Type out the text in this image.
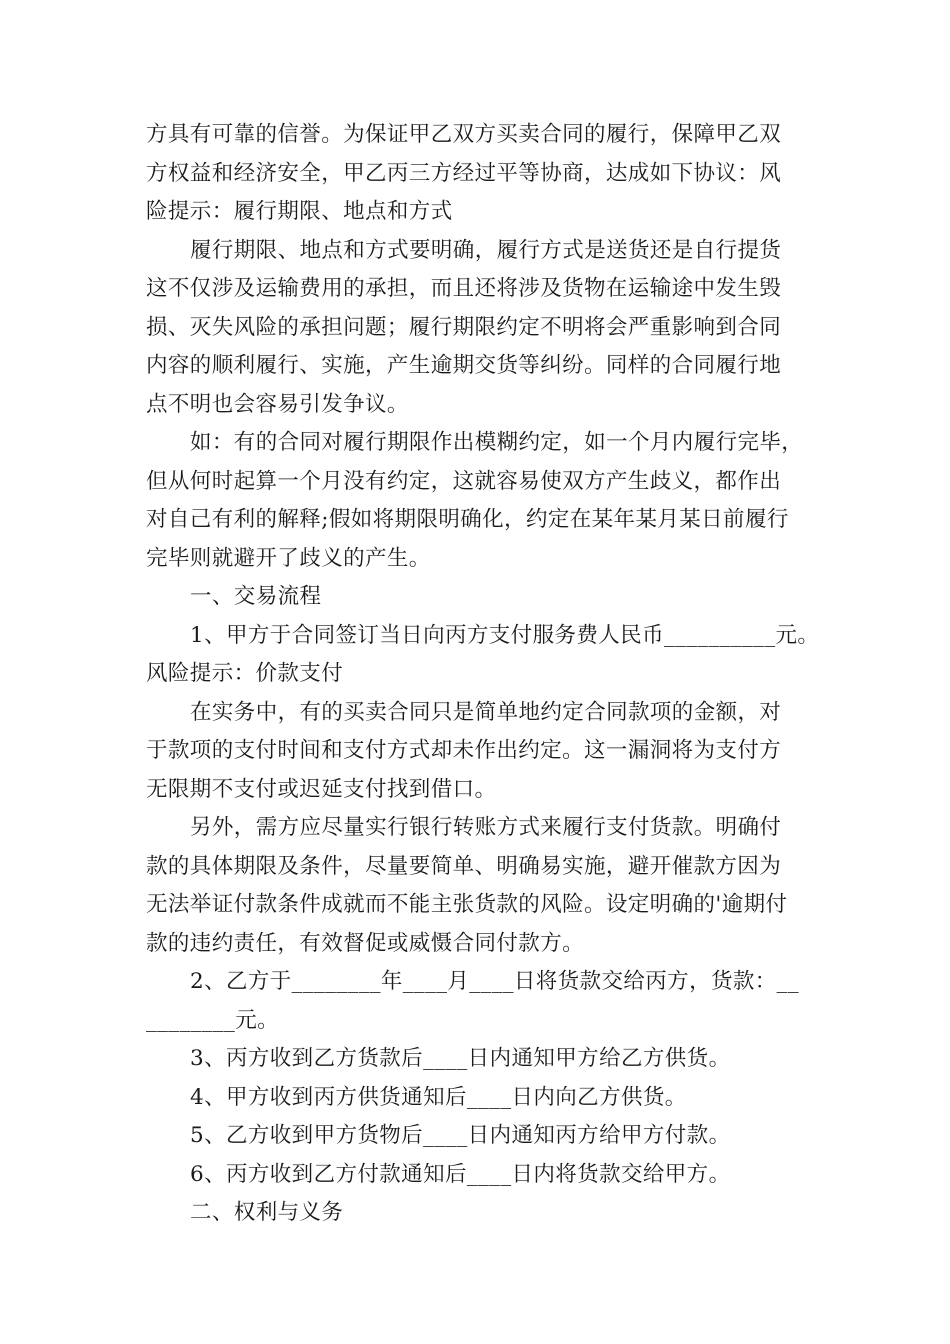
方具有可靠的信誉。为保证甲乙双方买卖合同的履行，保障甲乙双
方权益和经济安全，甲乙丙三方经过平等协商，达成如下协议：风
险提示：履行期限、地点和方式
履行期限、地点和方式要明确，履行方式是送货还是自行提货
这不仅涉及运输费用的承担，而且还将涉及货物在运输途中发生毁
损、灭失风险的承担问题；履行期限约定不明将会严重影响到合同
内容的顺利履行、实施，产生逾期交货等纠纷。同样的合同履行地
点不明也会容易引发争议。
如：有的合同对履行期限作出模糊约定，如一个月内履行完毕，
但从何时起算一个月没有约定，这就容易使双方产生歧义，都作出
对自己有利的解释;假如将期限明确化，约定在某年某月某日前履行
完毕则就避开了歧义的产生。
一、交易流程
1、甲方于合同签订当日向丙方支付服务费人民币__________元。
风险提示：价款支付
在实务中，有的买卖合同只是简单地约定合同款项的金额，对
于款项的支付时间和支付方式却未作出约定。这一漏洞将为支付方
无限期不支付或迟延支付找到借口。
另外，需方应尽量实行银行转账方式来履行支付货款。明确付
款的具体期限及条件，尽量要简单、明确易实施，避开催款方因为
无法举证付款条件成就而不能主张货款的风险。设定明确的'逾期付
款的违约责任，有效督促或威慑合同付款方。
2、乙方于________年____月____日将货款交给丙方，货款：__
________元。
3、丙方收到乙方货款后____日内通知甲方给乙方供货。
4、甲方收到丙方供货通知后____日内向乙方供货。
5、乙方收到甲方货物后____日内通知丙方给甲方付款。
6、丙方收到乙方付款通知后____日内将货款交给甲方。
二、权利与义务
